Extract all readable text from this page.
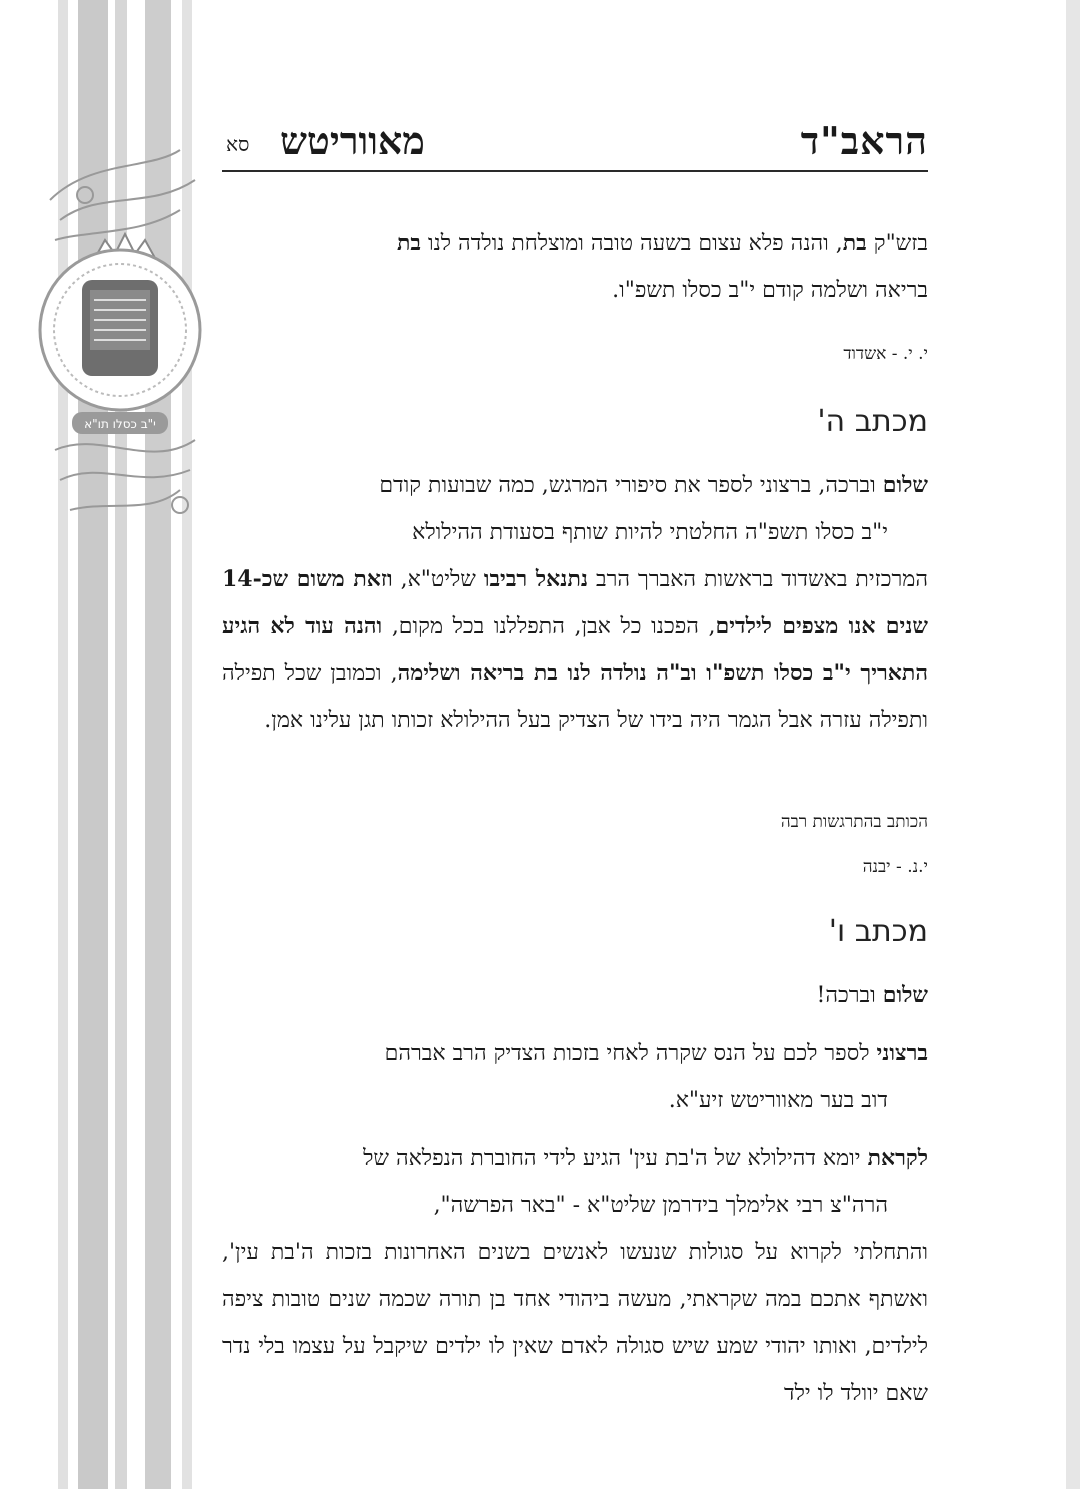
י"ב כסלו תו"א
הראב"ד
מאווריטש
סא

בזש"ק בת, והנה פלא עצום בשעה טובה ומוצלחת נולדה לנו בת
בריאה ושלמה קודם י"ב כסלו תשפ"ו.

י. י. - אשדוד

מכתב ה'

שלום וברכה, ברצוני לספר את סיפורי המרגש, כמה שבועות קודם
י"ב כסלו תשפ"ה החלטתי להיות שותף בסעודת ההילולא
המרכזית באשדוד בראשות האברך הרב נתנאל רביבו שליט"א, וזאת משום שכ-14 שנים אנו מצפים לילדים, הפכנו כל אבן, התפללנו בכל מקום, והנה עוד לא הגיע התאריך י"ב כסלו תשפ"ו וב"ה נולדה לנו בת בריאה ושלימה, וכמובן שכל תפילה ותפילה עזרה אבל הגמר היה בידו של הצדיק בעל ההילולא זכותו תגן עלינו אמן.

הכותב בהתרגשות רבה

י.נ. - יבנה

מכתב ו'

שלום וברכה!

ברצוני לספר לכם על הנס שקרה לאחי בזכות הצדיק הרב אברהם
דוב בער מאווריטש זיע"א.

לקראת יומא דהילולא של ה'בת עין' הגיע לידי החוברת הנפלאה של
הרה"צ רבי אלימלך בידרמן שליט"א - "באר הפרשה",
והתחלתי לקרוא על סגולות שנעשו לאנשים בשנים האחרונות בזכות ה'בת עין', ואשתף אתכם במה שקראתי, מעשה ביהודי אחד בן תורה שכמה שנים טובות ציפה לילדים, ואותו יהודי שמע שיש סגולה לאדם שאין לו ילדים שיקבל על עצמו בלי נדר שאם יוולד לו ילד
